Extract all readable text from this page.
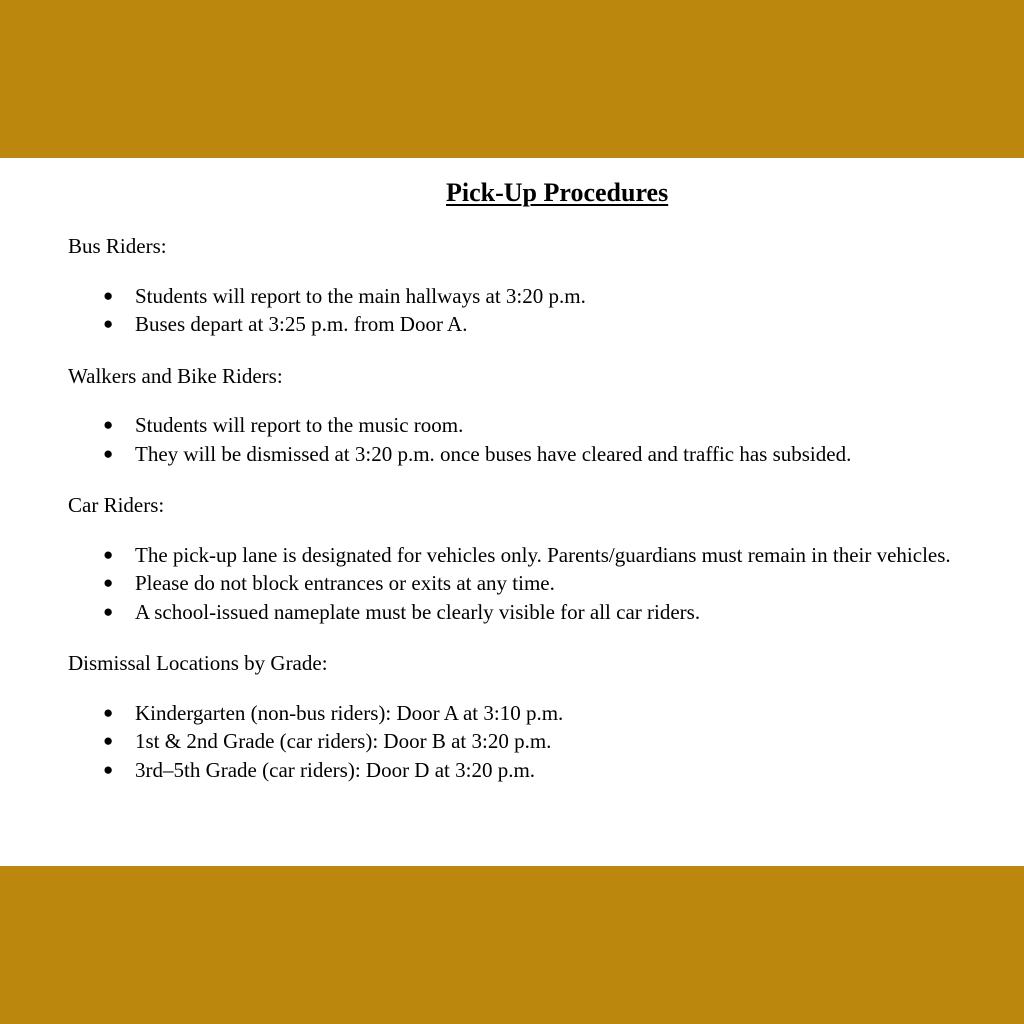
Pick-Up Procedures

Bus Riders:

● Students will report to the main hallways at 3:20 p.m.
● Buses depart at 3:25 p.m. from Door A.

Walkers and Bike Riders:

● Students will report to the music room.
● They will be dismissed at 3:20 p.m. once buses have cleared and traffic has subsided.

Car Riders:

● The pick-up lane is designated for vehicles only. Parents/guardians must remain in their vehicles.
● Please do not block entrances or exits at any time.
● A school-issued nameplate must be clearly visible for all car riders.

Dismissal Locations by Grade:

● Kindergarten (non-bus riders): Door A at 3:10 p.m.
● 1st & 2nd Grade (car riders): Door B at 3:20 p.m.
● 3rd–5th Grade (car riders): Door D at 3:20 p.m.
